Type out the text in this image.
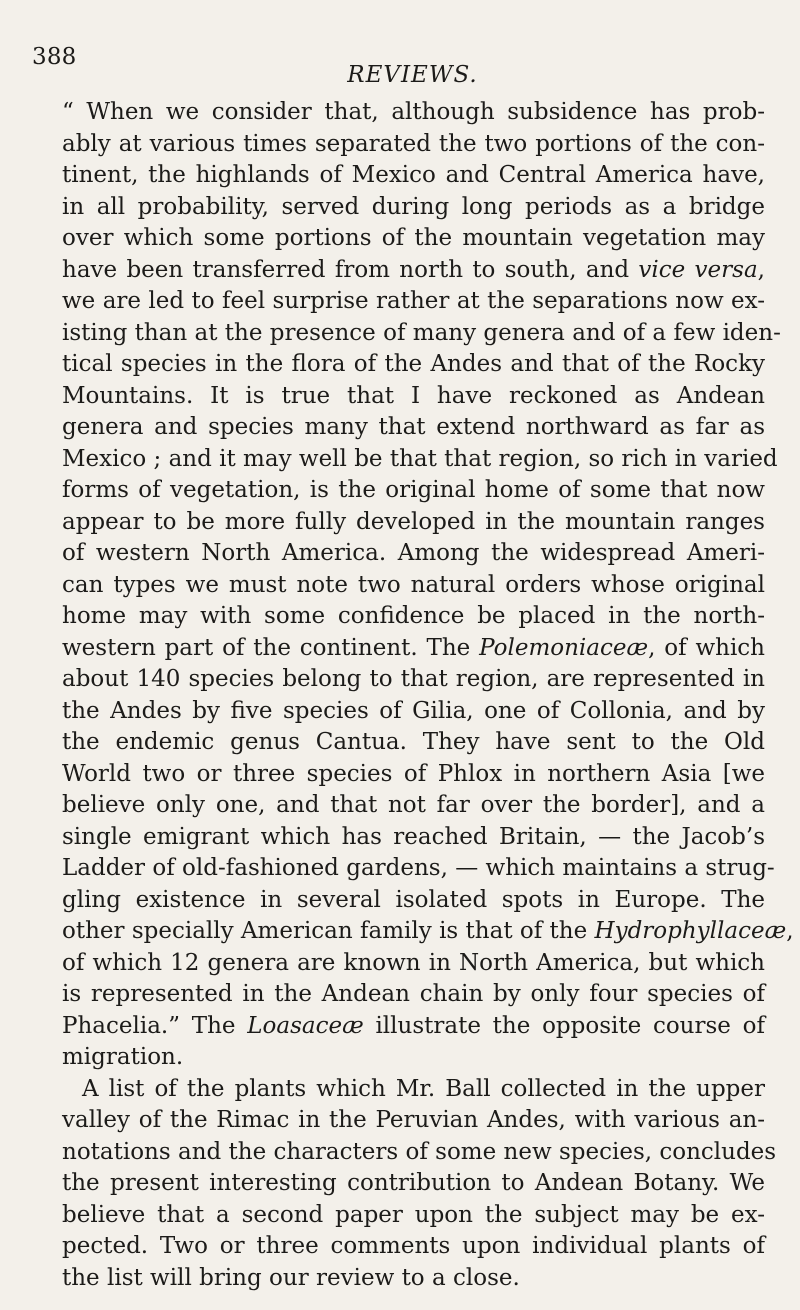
388
REVIEWS.
“ When we consider that, although subsidence has prob-
ably at various times separated the two portions of the con-
tinent, the highlands of Mexico and Central America have,
in all probability, served during long periods as a bridge
over which some portions of the mountain vegetation may
have been transferred from north to south, and vice versa,
we are led to feel surprise rather at the separations now ex-
isting than at the presence of many genera and of a few iden-
tical species in the flora of the Andes and that of the Rocky
Mountains. It is true that I have reckoned as Andean
genera and species many that extend northward as far as
Mexico ; and it may well be that that region, so rich in varied
forms of vegetation, is the original home of some that now
appear to be more fully developed in the mountain ranges
of western North America. Among the widespread Ameri-
can types we must note two natural orders whose original
home may with some confidence be placed in the north-
western part of the continent. The Polemoniaceæ, of which
about 140 species belong to that region, are represented in
the Andes by five species of Gilia, one of Collonia, and by
the endemic genus Cantua. They have sent to the Old
World two or three species of Phlox in northern Asia [we
believe only one, and that not far over the border], and a
single emigrant which has reached Britain, — the Jacob’s
Ladder of old-fashioned gardens, — which maintains a strug-
gling existence in several isolated spots in Europe. The
other specially American family is that of the Hydrophyllaceæ,
of which 12 genera are known in North America, but which
is represented in the Andean chain by only four species of
Phacelia.” The Loasaceæ illustrate the opposite course of
migration.
A list of the plants which Mr. Ball collected in the upper
valley of the Rimac in the Peruvian Andes, with various an-
notations and the characters of some new species, concludes
the present interesting contribution to Andean Botany. We
believe that a second paper upon the subject may be ex-
pected. Two or three comments upon individual plants of
the list will bring our review to a close.
